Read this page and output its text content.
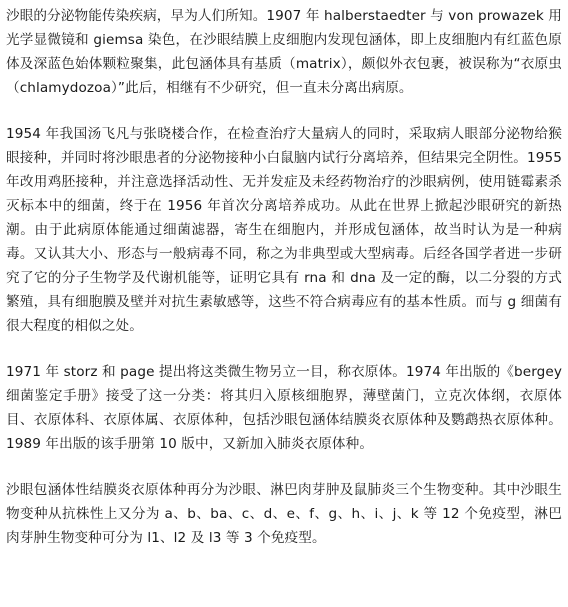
沙眼的分泌物能传染疾病，早为人们所知。1907 年 halberstaedter 与 von prowazek 用光学显微镜和 giemsa 染色，在沙眼结膜上皮细胞内发现包涵体，即上皮细胞内有红蓝色原体及深蓝色始体颗粒聚集，此包涵体具有基质（matrix），颇似外衣包裹，被误称为“衣原虫（chlamydozoa）”此后，相继有不少研究，但一直未分离出病原。

1954 年我国汤飞凡与张晓楼合作，在检查治疗大量病人的同时，采取病人眼部分泌物给猴眼接种，并同时将沙眼患者的分泌物接种小白鼠脑内试行分离培养，但结果完全阴性。1955 年改用鸡胚接种，并注意选择活动性、无并发症及未经药物治疗的沙眼病例，使用链霉素杀灭标本中的细菌，终于在 1956 年首次分离培养成功。从此在世界上掀起沙眼研究的新热潮。由于此病原体能通过细菌滤器，寄生在细胞内，并形成包涵体，故当时认为是一种病毒。又认其大小、形态与一般病毒不同，称之为非典型或大型病毒。后经各国学者进一步研究了它的分子生物学及代谢机能等，证明它具有 rna 和 dna 及一定的酶，以二分裂的方式繁殖，具有细胞膜及壁并对抗生素敏感等，这些不符合病毒应有的基本性质。而与 g 细菌有很大程度的相似之处。

1971 年 storz 和 page 提出将这类微生物另立一目，称衣原体。1974 年出版的《bergey 细菌鉴定手册》接受了这一分类：将其归入原核细胞界，薄壁菌门，立克次体纲，衣原体目、衣原体科、衣原体属、衣原体种，包括沙眼包涵体结膜炎衣原体种及鹦鹉热衣原体种。1989 年出版的该手册第 10 版中，又新加入肺炎衣原体种。

沙眼包涵体性结膜炎衣原体种再分为沙眼、淋巴肉芽肿及鼠肺炎三个生物变种。其中沙眼生物变种从抗株性上又分为 a、b、ba、c、d、e、f、g、h、i、j、k 等 12 个免疫型，淋巴肉芽肿生物变种可分为 l1、l2 及 l3 等 3 个免疫型。
